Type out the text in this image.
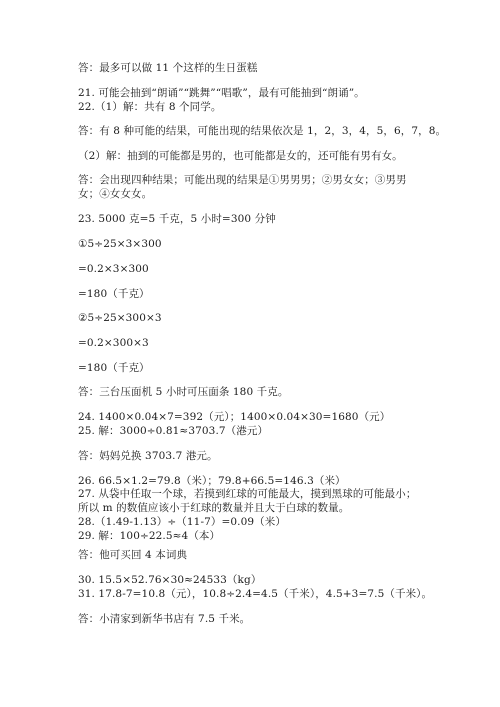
答：最多可以做 11 个这样的生日蛋糕
21. 可能会抽到“朗诵”“跳舞”“唱歌”，最有可能抽到“朗诵”。
22.（1）解：共有 8 个同学。
答：有 8 种可能的结果，可能出现的结果依次是 1，2，3，4，5，6，7，8。
（2）解：抽到的可能都是男的，也可能都是女的，还可能有男有女。
答：会出现四种结果；可能出现的结果是①男男男；②男女女；③男男女；④女女女。
23. 5000 克=5 千克，5 小时=300 分钟
①5÷25×3×300
=0.2×3×300
=180（千克）
②5÷25×300×3
=0.2×300×3
=180（千克）
答：三台压面机 5 小时可压面条 180 千克。
24. 1400×0.04×7=392（元）；1400×0.04×30=1680（元）
25. 解：3000÷0.81≈3703.7（港元）
答：妈妈兑换 3703.7 港元。
26. 66.5×1.2=79.8（米）；79.8+66.5=146.3（米）
27. 从袋中任取一个球，若摸到红球的可能最大，摸到黑球的可能最小；所以 m 的数值应该小于红球的数量并且大于白球的数量。
28.（1.49-1.13）÷（11-7）=0.09（米）
29. 解：100÷22.5≈4（本）
答：他可买回 4 本词典
30. 15.5×52.76×30≈24533（kg）
31. 17.8-7=10.8（元），10.8÷2.4=4.5（千米），4.5+3=7.5（千米）。
答：小清家到新华书店有 7.5 千米。
